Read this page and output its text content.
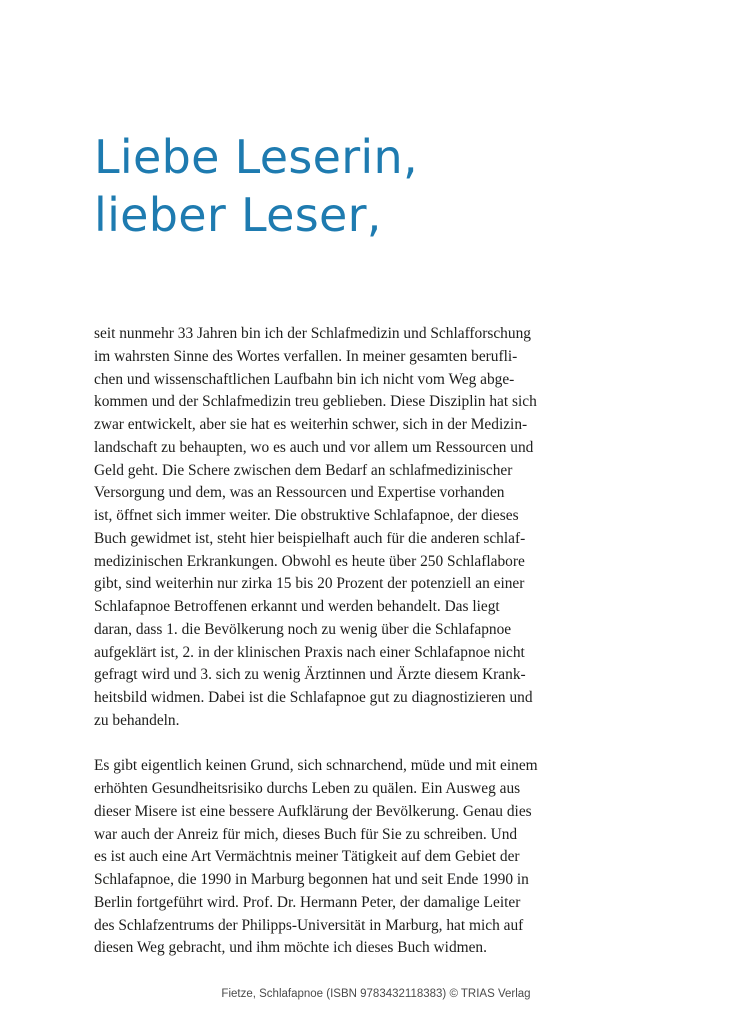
Liebe Leserin,
lieber Leser,

seit nunmehr 33 Jahren bin ich der Schlafmedizin und Schlafforschung
im wahrsten Sinne des Wortes verfallen. In meiner gesamten berufli-
chen und wissenschaftlichen Laufbahn bin ich nicht vom Weg abge-
kommen und der Schlafmedizin treu geblieben. Diese Disziplin hat sich
zwar entwickelt, aber sie hat es weiterhin schwer, sich in der Medizin-
landschaft zu behaupten, wo es auch und vor allem um Ressourcen und
Geld geht. Die Schere zwischen dem Bedarf an schlafmedizinischer
Versorgung und dem, was an Ressourcen und Expertise vorhanden
ist, öffnet sich immer weiter. Die obstruktive Schlafapnoe, der dieses
Buch gewidmet ist, steht hier beispielhaft auch für die anderen schlaf-
medizinischen Erkrankungen. Obwohl es heute über 250 Schlaflabore
gibt, sind weiterhin nur zirka 15 bis 20 Prozent der potenziell an einer
Schlafapnoe Betroffenen erkannt und werden behandelt. Das liegt
daran, dass 1. die Bevölkerung noch zu wenig über die Schlafapnoe
aufgeklärt ist, 2. in der klinischen Praxis nach einer Schlafapnoe nicht
gefragt wird und 3. sich zu wenig Ärztinnen und Ärzte diesem Krank-
heitsbild widmen. Dabei ist die Schlafapnoe gut zu diagnostizieren und
zu behandeln.

Es gibt eigentlich keinen Grund, sich schnarchend, müde und mit einem
erhöhten Gesundheitsrisiko durchs Leben zu quälen. Ein Ausweg aus
dieser Misere ist eine bessere Aufklärung der Bevölkerung. Genau dies
war auch der Anreiz für mich, dieses Buch für Sie zu schreiben. Und
es ist auch eine Art Vermächtnis meiner Tätigkeit auf dem Gebiet der
Schlafapnoe, die 1990 in Marburg begonnen hat und seit Ende 1990 in
Berlin fortgeführt wird. Prof. Dr. Hermann Peter, der damalige Leiter
des Schlafzentrums der Philipps-Universität in Marburg, hat mich auf
diesen Weg gebracht, und ihm möchte ich dieses Buch widmen.

Fietze, Schlafapnoe (ISBN 9783432118383) © TRIAS Verlag
